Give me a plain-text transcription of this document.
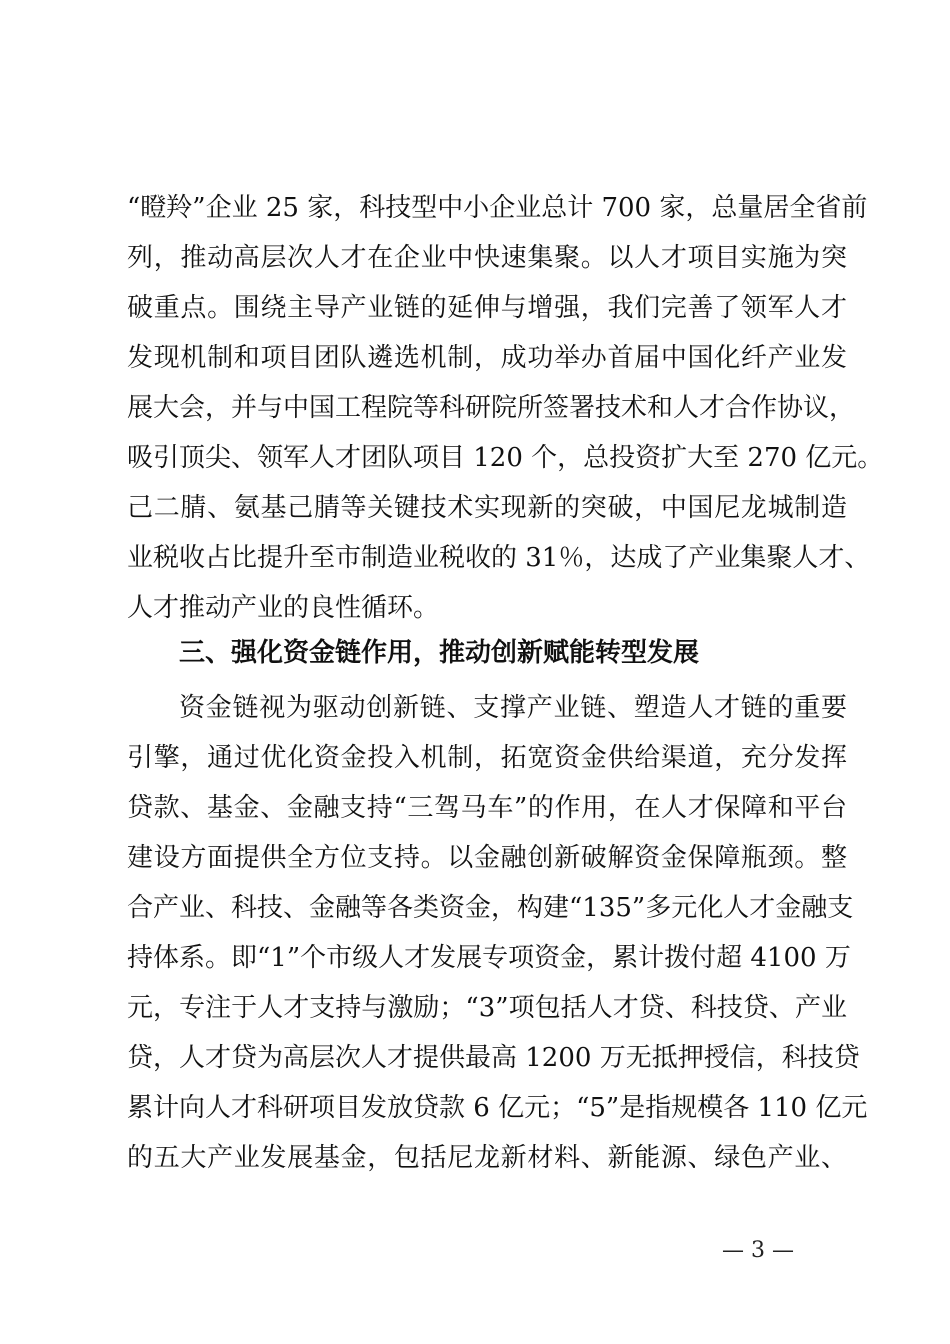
“瞪羚”企业 25 家，科技型中小企业总计 700 家，总量居全省前
列，推动高层次人才在企业中快速集聚。以人才项目实施为突
破重点。围绕主导产业链的延伸与增强，我们完善了领军人才
发现机制和项目团队遴选机制，成功举办首届中国化纤产业发
展大会，并与中国工程院等科研院所签署技术和人才合作协议，
吸引顶尖、领军人才团队项目 120 个，总投资扩大至 270 亿元。
己二腈、氨基己腈等关键技术实现新的突破，中国尼龙城制造
业税收占比提升至市制造业税收的 31％，达成了产业集聚人才、
人才推动产业的良性循环。
三、强化资金链作用，推动创新赋能转型发展
资金链视为驱动创新链、支撑产业链、塑造人才链的重要
引擎，通过优化资金投入机制，拓宽资金供给渠道，充分发挥
贷款、基金、金融支持“三驾马车”的作用，在人才保障和平台
建设方面提供全方位支持。以金融创新破解资金保障瓶颈。整
合产业、科技、金融等各类资金，构建“135”多元化人才金融支
持体系。即“1”个市级人才发展专项资金，累计拨付超 4100 万
元，专注于人才支持与激励；“3”项包括人才贷、科技贷、产业
贷，人才贷为高层次人才提供最高 1200 万无抵押授信，科技贷
累计向人才科研项目发放贷款 6 亿元；“5”是指规模各 110 亿元
的五大产业发展基金，包括尼龙新材料、新能源、绿色产业、
— 3 —
